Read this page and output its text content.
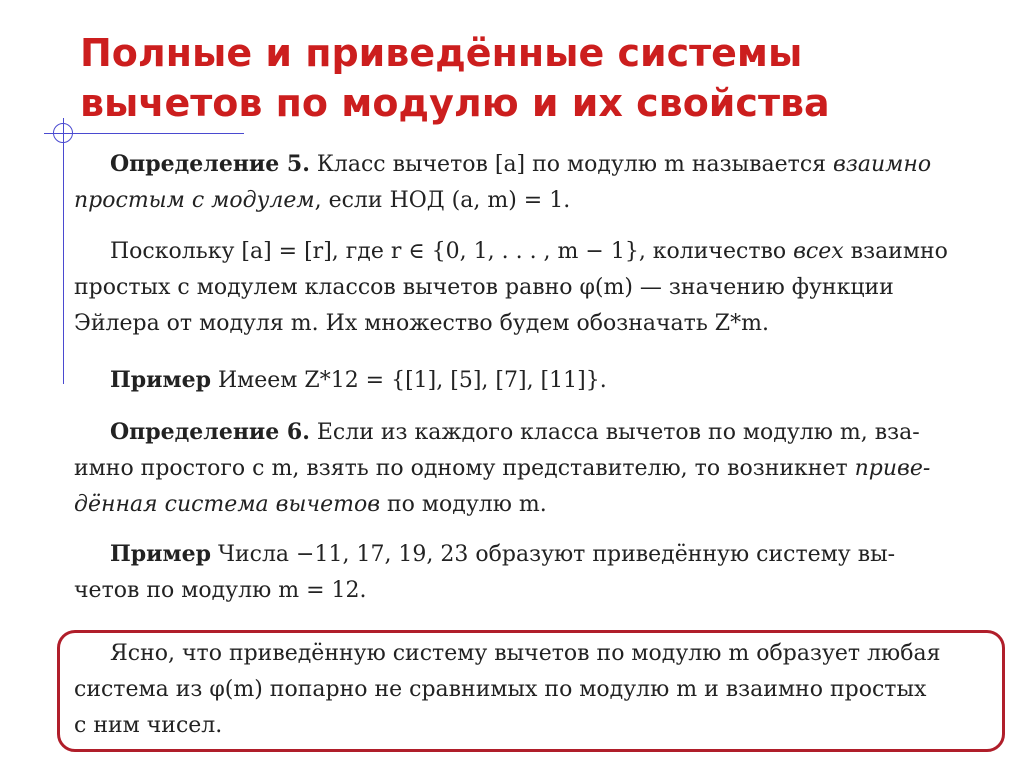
Полные и приведённые системы
вычетов по модулю и их свойства
Определение 5. Класс вычетов [a] по модулю m называется взаимно
простым с модулем, если НОД (a, m) = 1.
Поскольку [a] = [r], где r ∈ {0, 1, . . . , m − 1}, количество всех взаимно
простых с модулем классов вычетов равно φ(m) — значению функции
Эйлера от модуля m. Их множество будем обозначать Z*m.
Пример Имеем Z*12 = {[1], [5], [7], [11]}.
Определение 6. Если из каждого класса вычетов по модулю m, вза-
имно простого с m, взять по одному представителю, то возникнет приве-
дённая система вычетов по модулю m.
Пример Числа −11, 17, 19, 23 образуют приведённую систему вы-
четов по модулю m = 12.
Ясно, что приведённую систему вычетов по модулю m образует любая
система из φ(m) попарно не сравнимых по модулю m и взаимно простых
с ним чисел.
